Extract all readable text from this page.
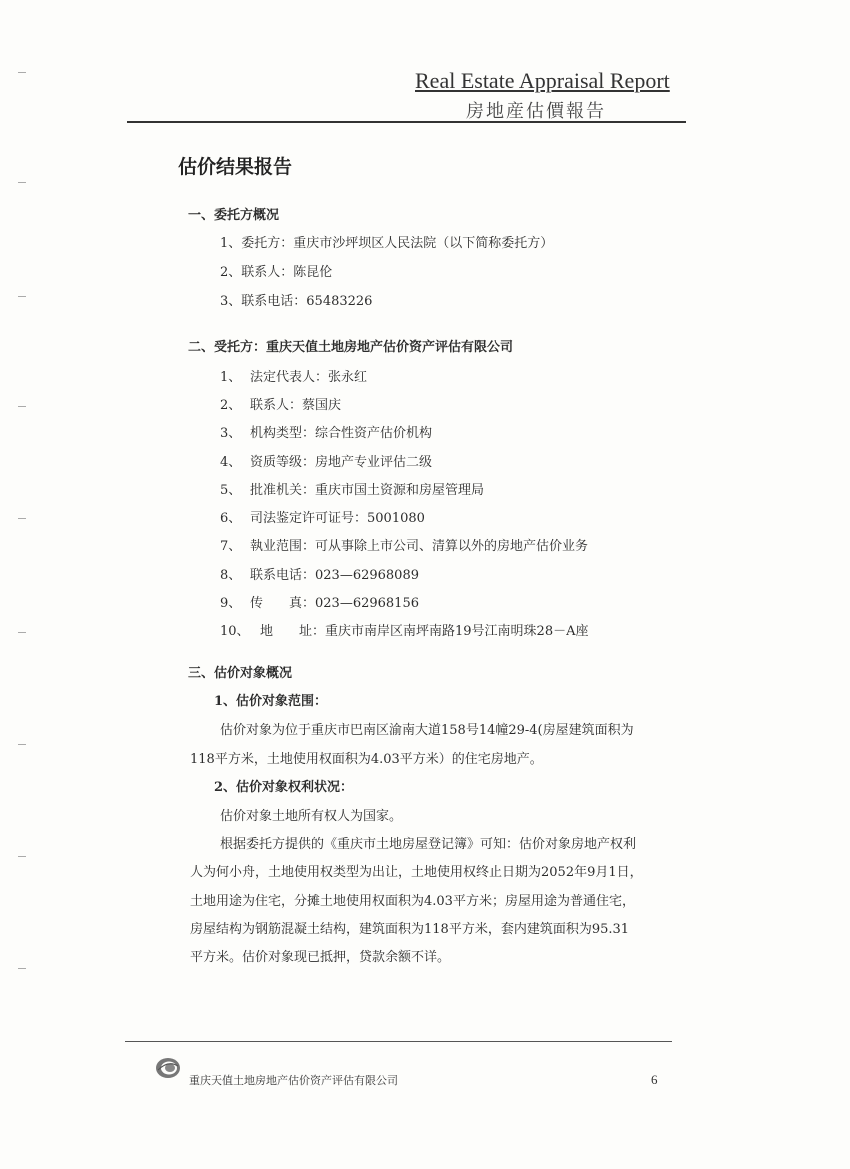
Real Estate Appraisal Report
房地産估價報告
估价结果报告
一、委托方概况
1、委托方：重庆市沙坪坝区人民法院（以下简称委托方）
2、联系人：陈昆伦
3、联系电话：65483226
二、受托方：重庆天值土地房地产估价资产评估有限公司
1、 法定代表人：张永红
2、 联系人：蔡国庆
3、 机构类型：综合性资产估价机构
4、 资质等级：房地产专业评估二级
5、 批准机关：重庆市国土资源和房屋管理局
6、 司法鉴定许可证号：5001080
7、 執业范围：可从事除上市公司、清算以外的房地产估价业务
8、 联系电话：023—62968089
9、 传　　真：023—62968156
10、 地　　址：重庆市南岸区南坪南路19号江南明珠28－A座
三、估价对象概况
1、估价对象范围：
估价对象为位于重庆市巴南区渝南大道158号14幢29-4(房屋建筑面积为
118平方米，土地使用权面积为4.03平方米）的住宅房地产。
2、估价对象权利状况：
估价对象土地所有权人为国家。
根据委托方提供的《重庆市土地房屋登记簿》可知：估价对象房地产权利
人为何小舟，土地使用权类型为出让，土地使用权终止日期为2052年9月1日，
土地用途为住宅，分摊土地使用权面积为4.03平方米；房屋用途为普通住宅，
房屋结构为钢筋混凝土结构，建筑面积为118平方米，套内建筑面积为95.31
平方米。估价对象现已抵押，贷款余额不详。
重庆天值土地房地产估价资产评估有限公司	6
